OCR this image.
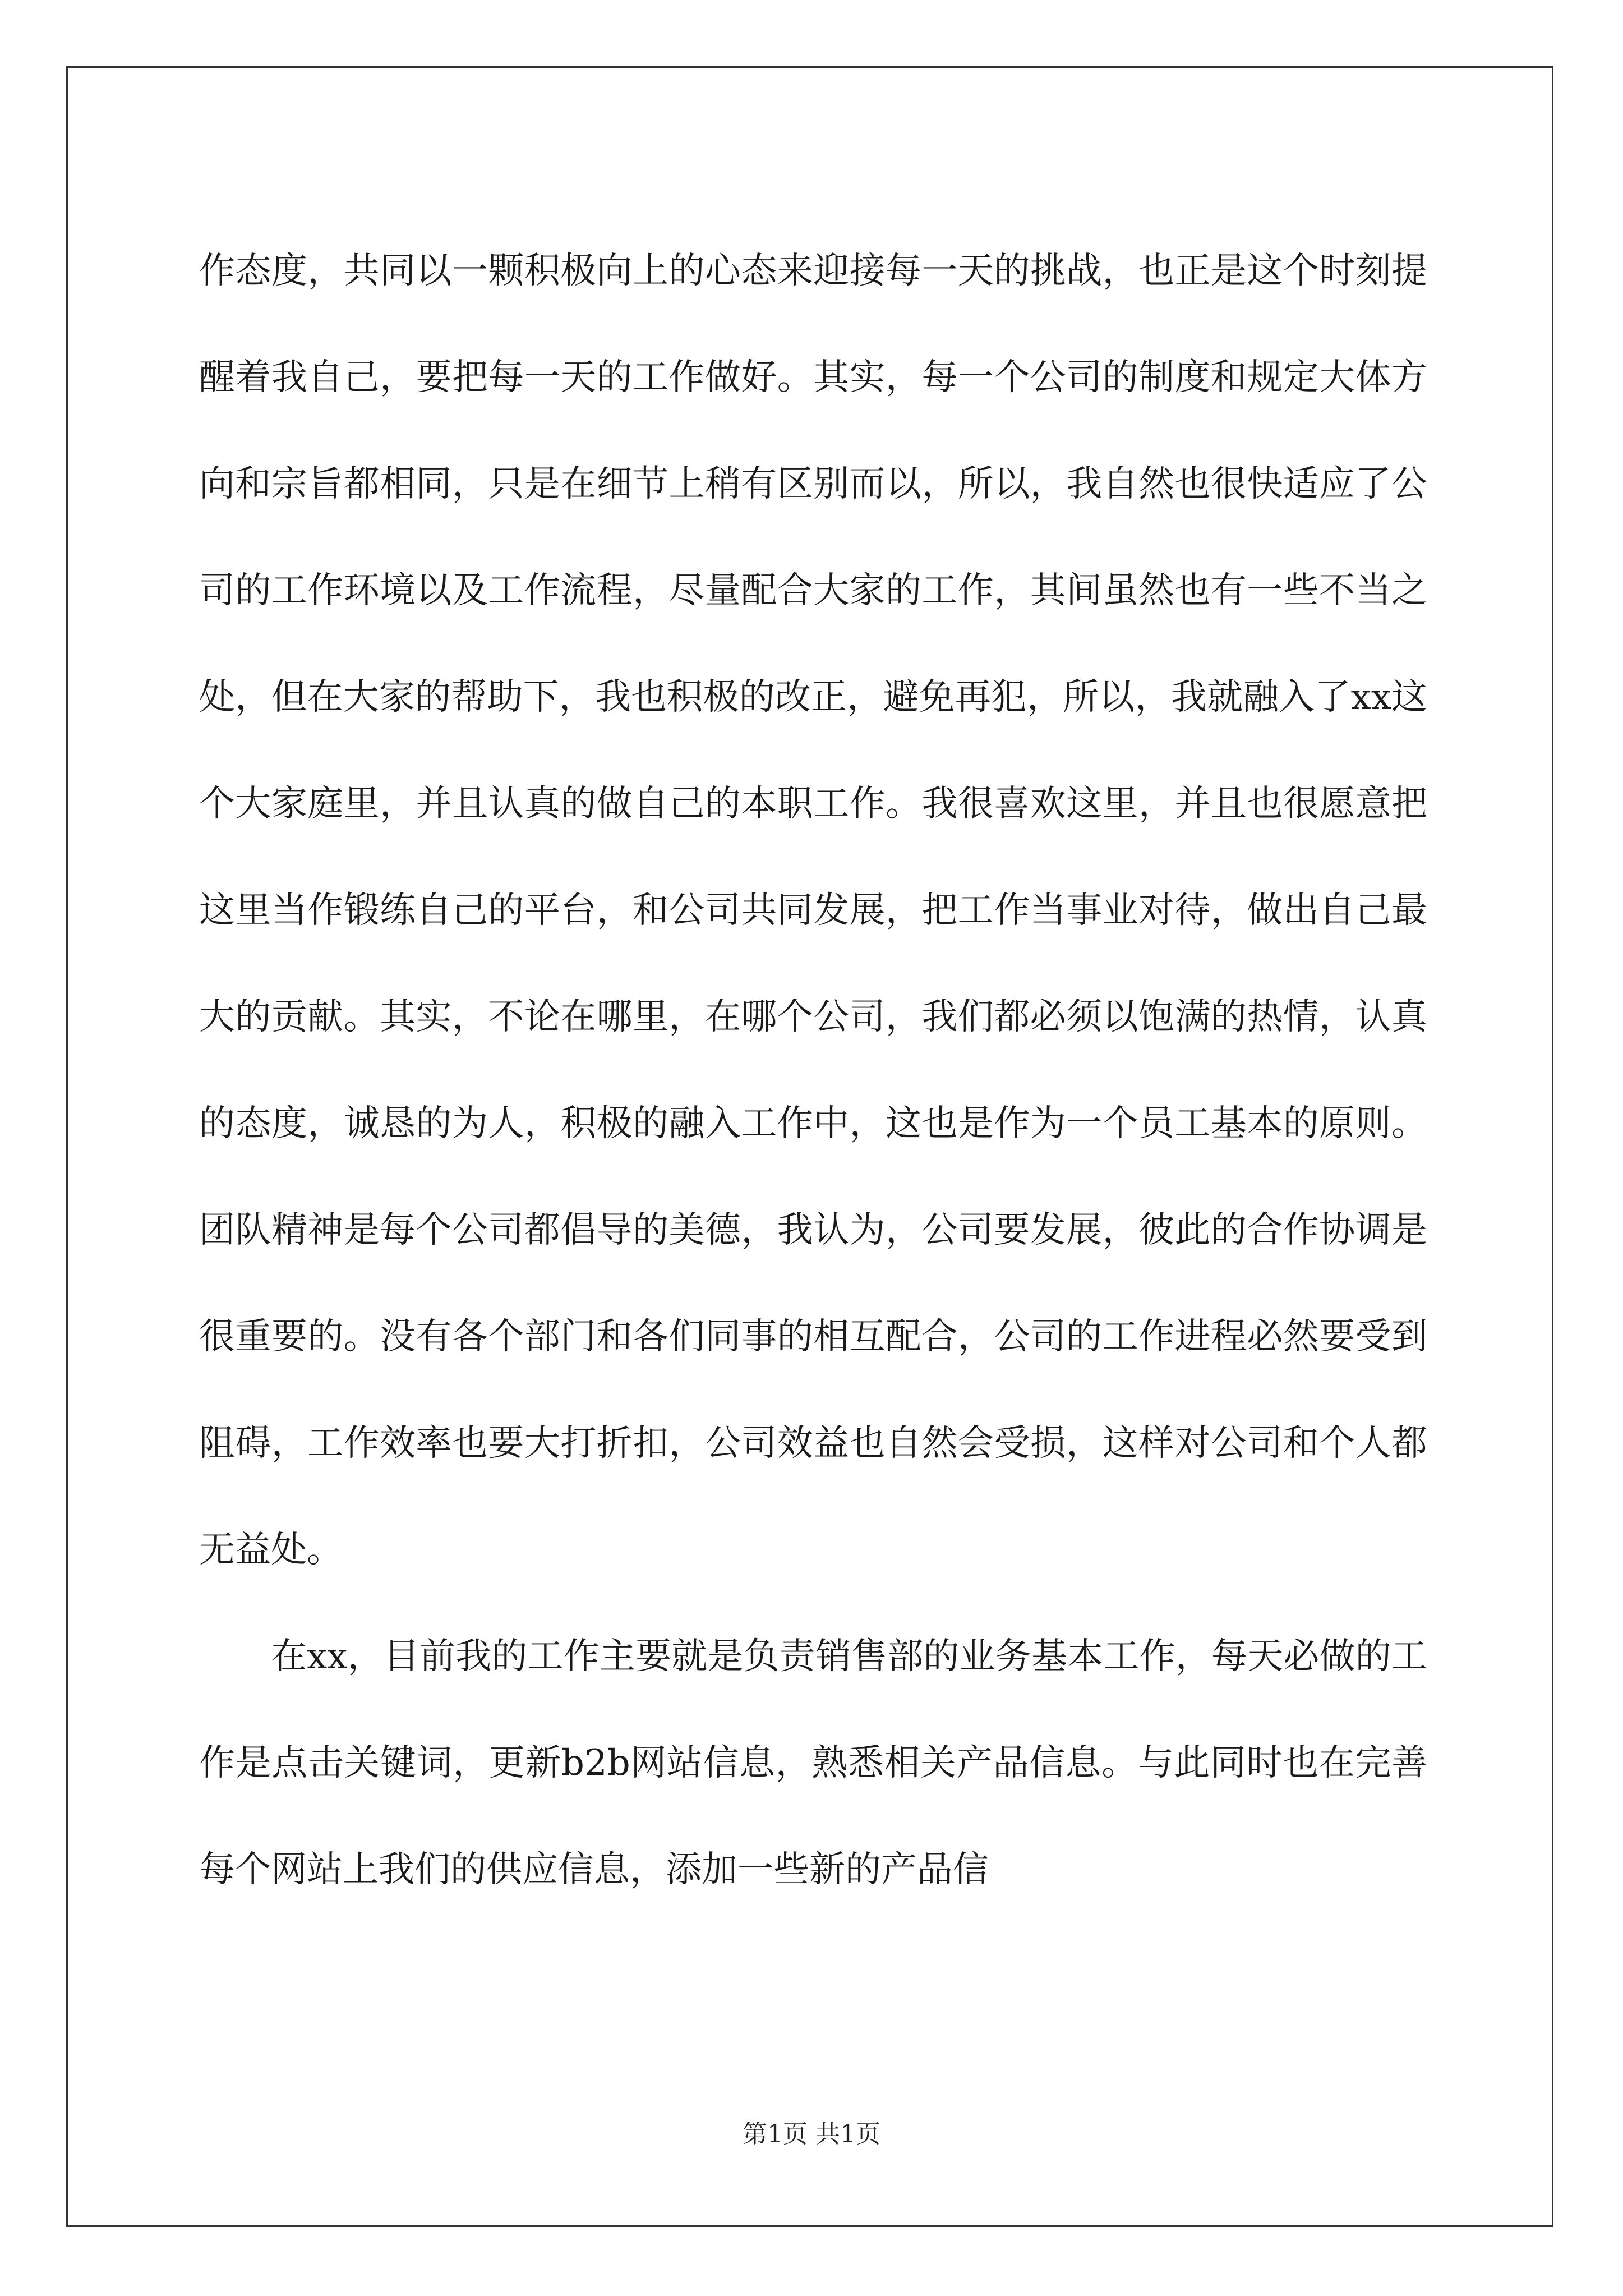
作态度，共同以一颗积极向上的心态来迎接每一天的挑战，也正是这个时刻提醒着我自己，要把每一天的工作做好。其实，每一个公司的制度和规定大体方向和宗旨都相同，只是在细节上稍有区别而以，所以，我自然也很快适应了公司的工作环境以及工作流程，尽量配合大家的工作，其间虽然也有一些不当之处，但在大家的帮助下，我也积极的改正，避免再犯，所以，我就融入了xx这个大家庭里，并且认真的做自己的本职工作。我很喜欢这里，并且也很愿意把这里当作锻练自己的平台，和公司共同发展，把工作当事业对待，做出自己最大的贡献。其实，不论在哪里，在哪个公司，我们都必须以饱满的热情，认真的态度，诚恳的为人，积极的融入工作中，这也是作为一个员工基本的原则。团队精神是每个公司都倡导的美德，我认为，公司要发展，彼此的合作协调是很重要的。没有各个部门和各们同事的相互配合，公司的工作进程必然要受到阻碍，工作效率也要大打折扣，公司效益也自然会受损，这样对公司和个人都无益处。

在xx，目前我的工作主要就是负责销售部的业务基本工作，每天必做的工作是点击关键词，更新b2b网站信息，熟悉相关产品信息。与此同时也在完善每个网站上我们的供应信息，添加一些新的产品信

第1页 共1页
